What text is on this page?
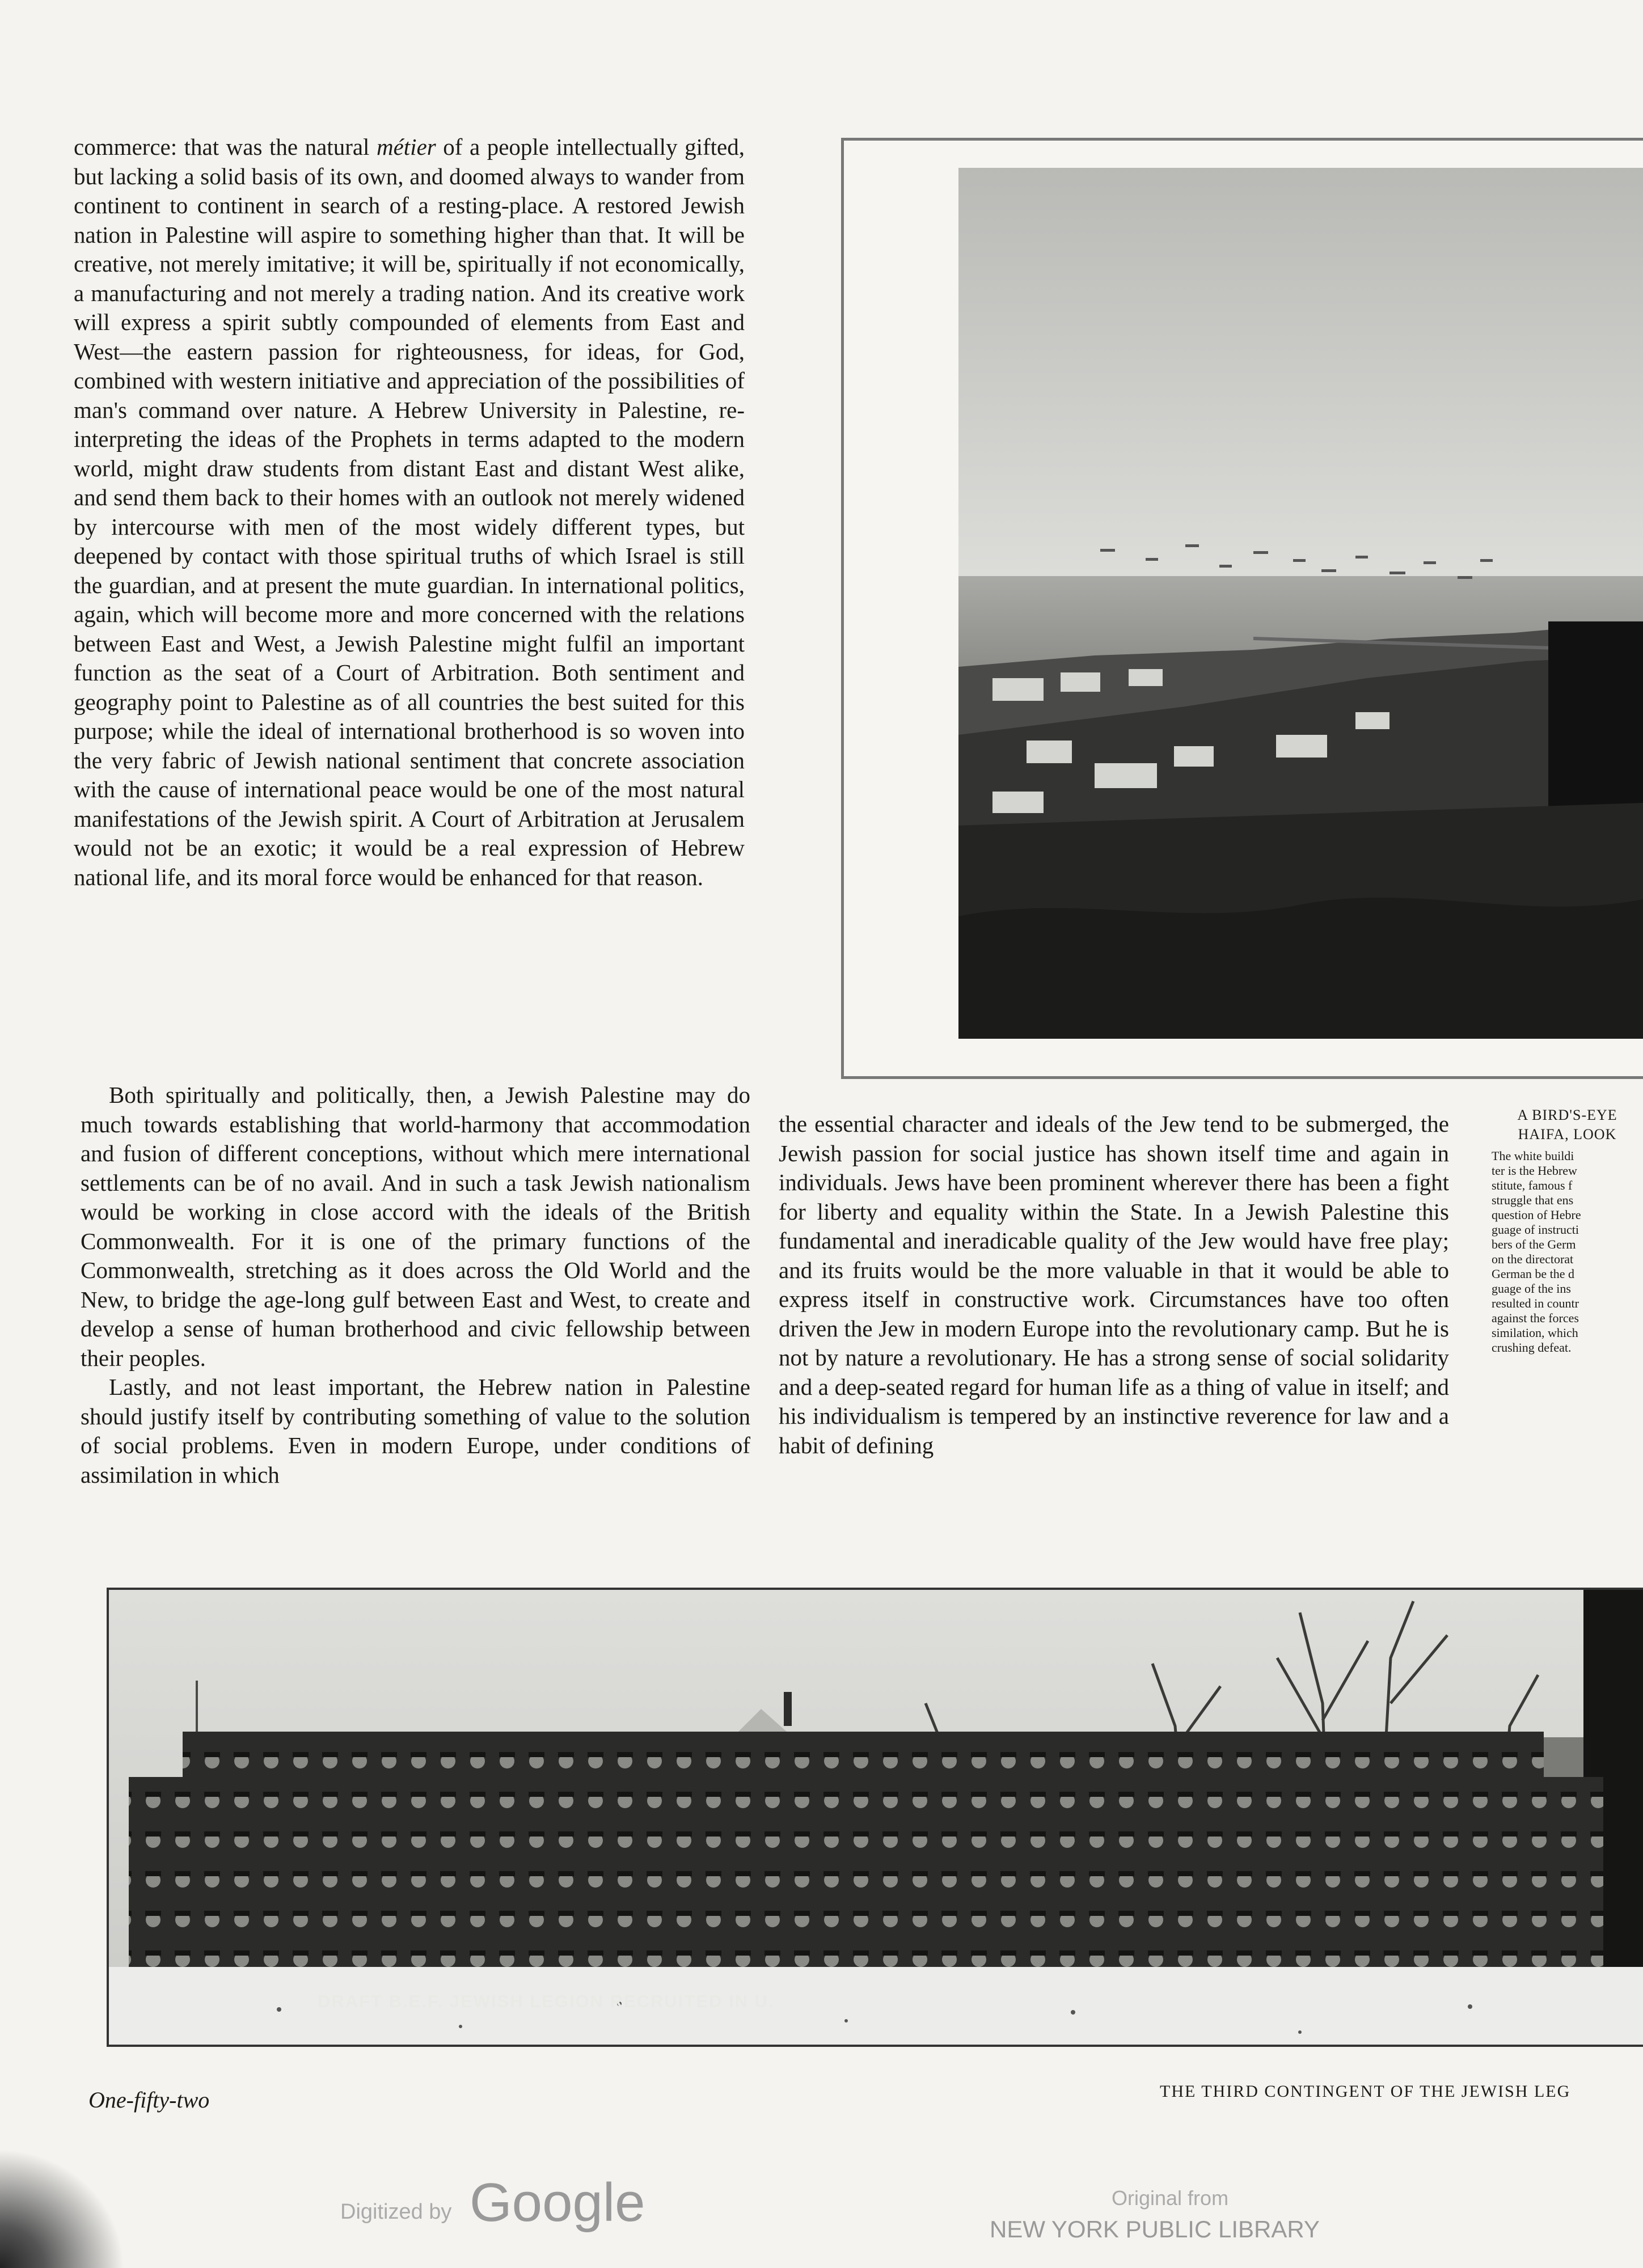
commerce: that was the natural métier of a people intellectually gifted, but lacking a solid basis of its own, and doomed always to wander from continent to continent in search of a resting-place. A restored Jewish nation in Palestine will aspire to something higher than that. It will be creative, not merely imitative; it will be, spiritually if not economically, a manufacturing and not merely a trading nation. And its creative work will express a spirit subtly compounded of elements from East and West—the eastern passion for righteousness, for ideas, for God, combined with western initiative and appreciation of the possibilities of man's command over nature. A Hebrew University in Palestine, re-interpreting the ideas of the Prophets in terms adapted to the modern world, might draw students from distant East and distant West alike, and send them back to their homes with an outlook not merely widened by intercourse with men of the most widely different types, but deepened by contact with those spiritual truths of which Israel is still the guardian, and at present the mute guardian. In international politics, again, which will become more and more concerned with the relations between East and West, a Jewish Palestine might fulfil an important function as the seat of a Court of Arbitration. Both sentiment and geography point to Palestine as of all countries the best suited for this purpose; while the ideal of international brotherhood is so woven into the very fabric of Jewish national sentiment that concrete association with the cause of international peace would be one of the most natural manifestations of the Jewish spirit. A Court of Arbitration at Jerusalem would not be an exotic; it would be a real expression of Hebrew national life, and its moral force would be enhanced for that reason.

Both spiritually and politically, then, a Jewish Palestine may do much towards establishing that world-harmony that accommodation and fusion of different conceptions, without which mere international settlements can be of no avail. And in such a task Jewish nationalism would be working in close accord with the ideals of the British Commonwealth. For it is one of the primary functions of the Commonwealth, stretching as it does across the Old World and the New, to bridge the age-long gulf between East and West, to create and develop a sense of human brotherhood and civic fellowship between their peoples.

Lastly, and not least important, the Hebrew nation in Palestine should justify itself by contributing something of value to the solution of social problems. Even in modern Europe, under conditions of assimilation in which

the essential character and ideals of the Jew tend to be submerged, the Jewish passion for social justice has shown itself time and again in individuals. Jews have been prominent wherever there has been a fight for liberty and equality within the State. In a Jewish Palestine this fundamental and ineradicable quality of the Jew would have free play; and its fruits would be the more valuable in that it would be able to express itself in constructive work. Circumstances have too often driven the Jew in modern Europe into the revolutionary camp. But he is not by nature a revolutionary. He has a strong sense of social solidarity and a deep-seated regard for human life as a thing of value in itself; and his individualism is tempered by an instinctive reverence for law and a habit of defining

A BIRD'S-EYE
HAIFA, LOOK
The white buildi
ter is the Hebrew
stitute, famous f
struggle that ens
question of Hebre
guage of instructi
bers of the Germ
on the directorat
German be the d
guage of the ins
resulted in countr
against the forces
similation, which
crushing defeat.
DRAFT B.E.F. JEWISH LEGION RECRUITED IN U.
One-fifty-two	THE THIRD CONTINGENT OF THE JEWISH LEG
Digitized by Google	Original from
NEW YORK PUBLIC LIBRARY
